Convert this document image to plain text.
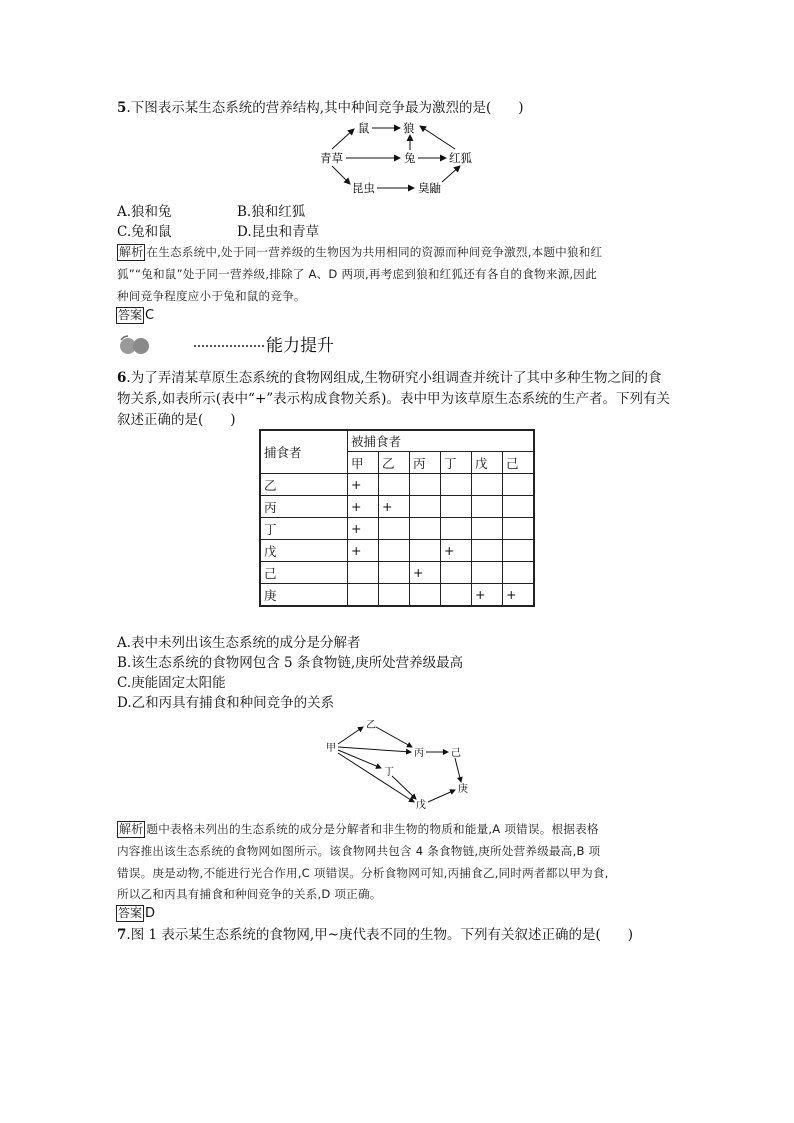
5.下图表示某生态系统的营养结构,其中种间竞争最为激烈的是(　　)
青草
鼠	狼
兔	红狐
昆虫	臭鼬
A.狼和兔	B.狼和红狐
C.兔和鼠	D.昆虫和青草
解析 在生态系统中,处于同一营养级的生物因为共用相同的资源而种间竞争激烈,本题中狼和红
狐”“兔和鼠”处于同一营养级,排除了 A、D 两项,再考虑到狼和红狐还有各自的食物来源,因此
种间竞争程度应小于兔和鼠的竞争。
答案 C
能力提升
6.为了弄清某草原生态系统的食物网组成,生物研究小组调查并统计了其中多种生物之间的食
物关系,如表所示(表中“+”表示构成食物关系)。表中甲为该草原生态系统的生产者。下列有关
叙述正确的是(　　)
捕食者	被捕食者					
	甲	乙	丙	丁	戊	己
乙	+					
丙	+	+				
丁	+					
戊	+			+		
己			+			
庚					+	+
A.表中未列出该生态系统的成分是分解者
B.该生态系统的食物网包含 5 条食物链,庚所处营养级最高
C.庚能固定太阳能
D.乙和丙具有捕食和种间竞争的关系
甲
乙
丙	己
丁
戊
庚
解析 题中表格未列出的生态系统的成分是分解者和非生物的物质和能量,A 项错误。根据表格
内容推出该生态系统的食物网如图所示。该食物网共包含 4 条食物链,庚所处营养级最高,B 项
错误。庚是动物,不能进行光合作用,C 项错误。分析食物网可知,丙捕食乙,同时两者都以甲为食,
所以乙和丙具有捕食和种间竞争的关系,D 项正确。
答案 D
7.图 1 表示某生态系统的食物网,甲~庚代表不同的生物。下列有关叙述正确的是(　　)
